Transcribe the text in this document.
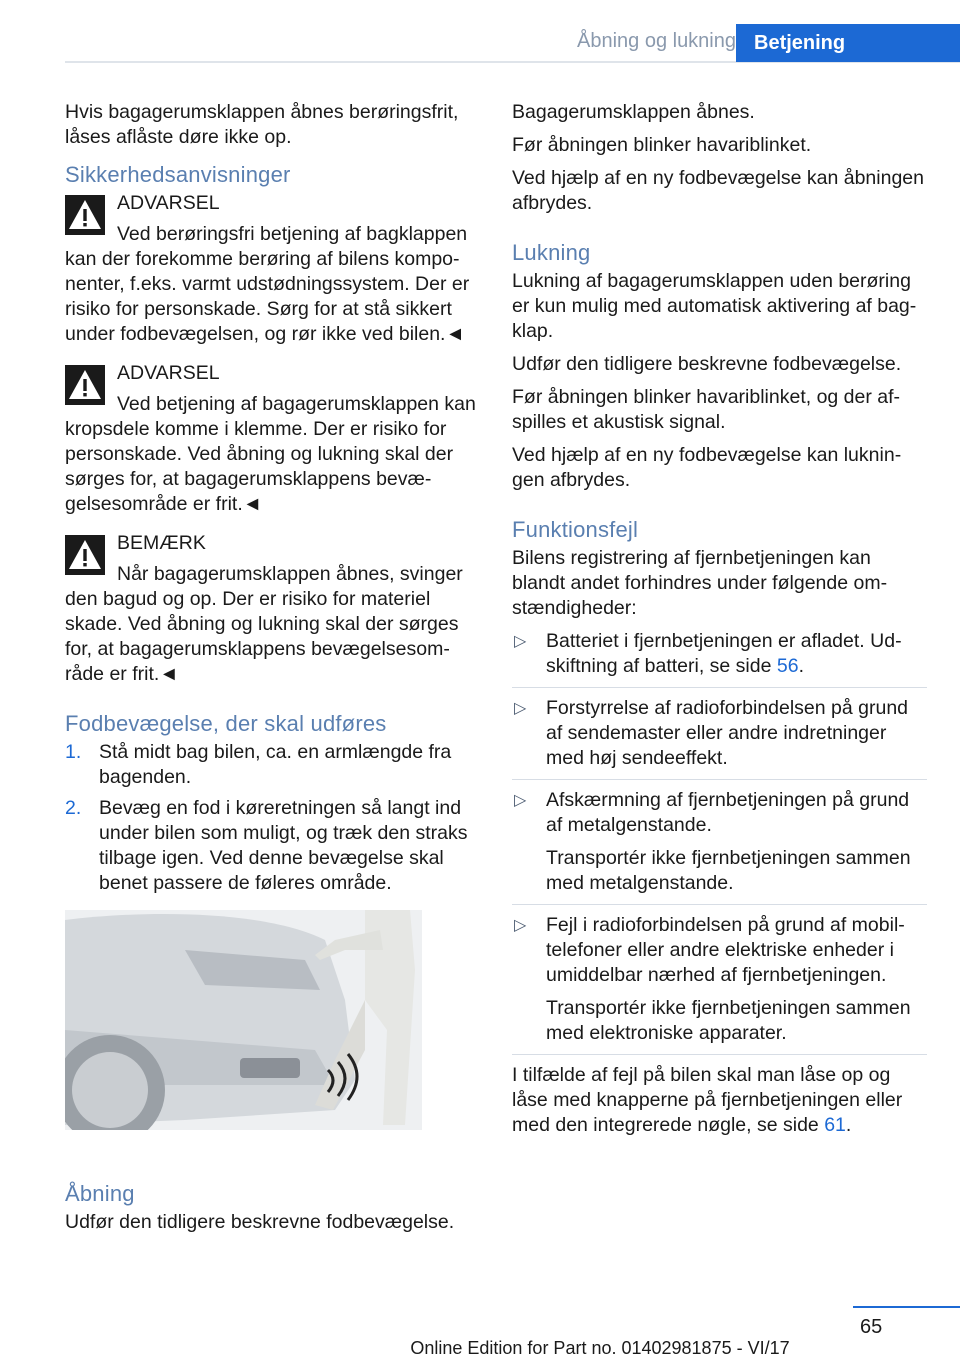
Åbning og lukning Betjening

Hvis bagagerumsklappen åbnes berøringsfrit, låses aflåste døre ikke op.

Sikkerhedsanvisninger
ADVARSEL
Ved berøringsfri betjening af bagklappen kan der forekomme berøring af bilens komponenter, f.eks. varmt udstødningssystem. Der er risiko for personskade. Sørg for at stå sikkert under fodbevægelsen, og rør ikke ved bilen.◄
ADVARSEL
Ved betjening af bagagerumsklappen kan kropsdele komme i klemme. Der er risiko for personskade. Ved åbning og lukning skal der sørges for, at bagagerumsklappens bevægelsesområde er frit.◄
BEMÆRK
Når bagagerumsklappen åbnes, svinger den bagud og op. Der er risiko for materiel skade. Ved åbning og lukning skal der sørges for, at bagagerumsklappens bevægelsesområde er frit.◄
Fodbevægelse, der skal udføres
1. Stå midt bag bilen, ca. en armlængde fra bagenden.
2. Bevæg en fod i køreretningen så langt ind under bilen som muligt, og træk den straks tilbage igen. Ved denne bevægelse skal benet passere de føleres område.
Åbning

Udfør den tidligere beskrevne fodbevægelse.

Bagagerumsklappen åbnes.

Før åbningen blinker havariblinket.

Ved hjælp af en ny fodbevægelse kan åbningen afbrydes.

Lukning

Lukning af bagagerumsklappen uden berøring er kun mulig med automatisk aktivering af bagklap.

Udfør den tidligere beskrevne fodbevægelse.

Før åbningen blinker havariblinket, og der afspilles et akustisk signal.

Ved hjælp af en ny fodbevægelse kan lukningen afbrydes.

Funktionsfejl

Bilens registrering af fjernbetjeningen kan blandt andet forhindres under følgende omstændigheder:

▷ Batteriet i fjernbetjeningen er afladet. Udskiftning af batteri, se side 56.
▷ Forstyrrelse af radioforbindelsen på grund af sendemaster eller andre indretninger med høj sendeeffekt.
▷ Afskærmning af fjernbetjeningen på grund af metalgenstande.
Transportér ikke fjernbetjeningen sammen med metalgenstande.
▷ Fejl i radioforbindelsen på grund af mobiltelefoner eller andre elektriske enheder i umiddelbar nærhed af fjernbetjeningen.
Transportér ikke fjernbetjeningen sammen med elektroniske apparater.

I tilfælde af fejl på bilen skal man låse op og låse med knapperne på fjernbetjeningen eller med den integrerede nøgle, se side 61.

65
Online Edition for Part no. 01402981875 - VI/17
